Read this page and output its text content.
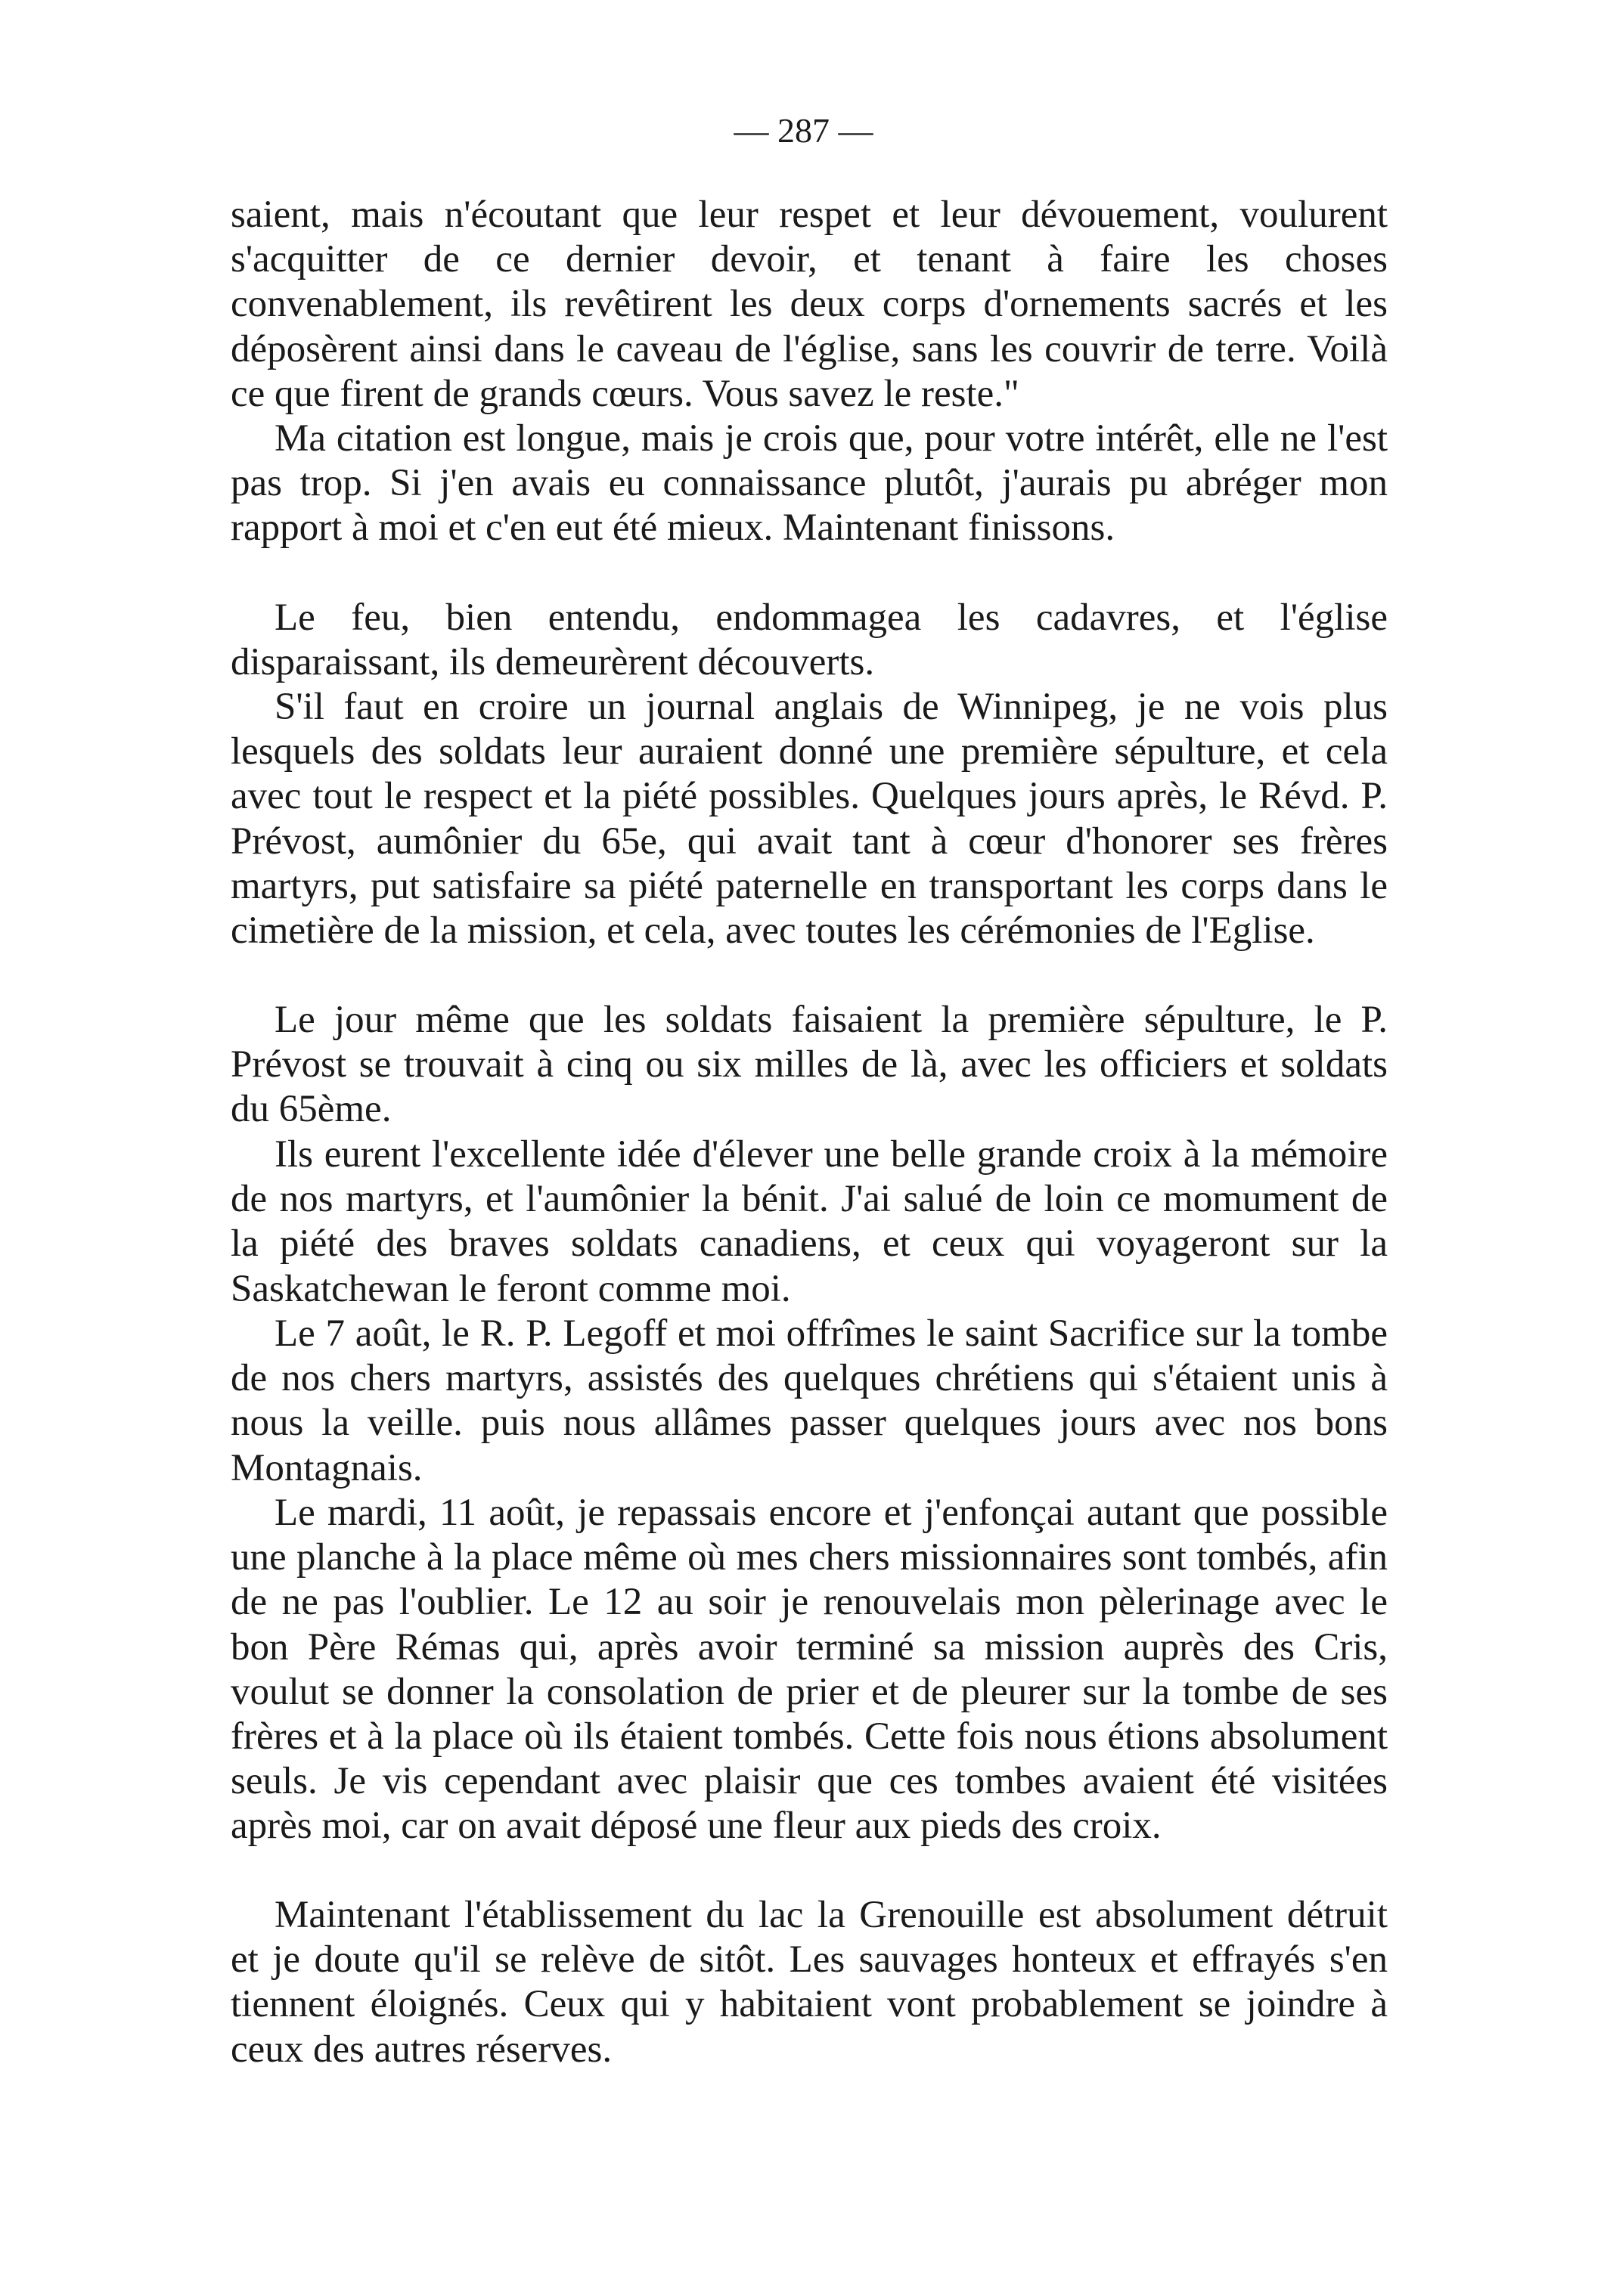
— 287 —

saient, mais n'écoutant que leur respet et leur dévouement, voulurent s'acquitter de ce dernier devoir, et tenant à faire les choses convenablement, ils revêtirent les deux corps d'ornements sacrés et les déposèrent ainsi dans le caveau de l'église, sans les couvrir de terre. Voilà ce que firent de grands cœurs. Vous savez le reste."

Ma citation est longue, mais je crois que, pour votre intérêt, elle ne l'est pas trop. Si j'en avais eu connaissance plutôt, j'aurais pu abréger mon rapport à moi et c'en eut été mieux. Maintenant finissons.

Le feu, bien entendu, endommagea les cadavres, et l'église disparaissant, ils demeurèrent découverts.

S'il faut en croire un journal anglais de Winnipeg, je ne vois plus lesquels des soldats leur auraient donné une première sépulture, et cela avec tout le respect et la piété possibles. Quelques jours après, le Révd. P. Prévost, aumônier du 65e, qui avait tant à cœur d'honorer ses frères martyrs, put satisfaire sa piété paternelle en transportant les corps dans le cimetière de la mission, et cela, avec toutes les cérémonies de l'Eglise.

Le jour même que les soldats faisaient la première sépulture, le P. Prévost se trouvait à cinq ou six milles de là, avec les officiers et soldats du 65ème.

Ils eurent l'excellente idée d'élever une belle grande croix à la mémoire de nos martyrs, et l'aumônier la bénit. J'ai salué de loin ce momument de la piété des braves soldats canadiens, et ceux qui voyageront sur la Saskatchewan le feront comme moi.

Le 7 août, le R. P. Legoff et moi offrîmes le saint Sacrifice sur la tombe de nos chers martyrs, assistés des quelques chrétiens qui s'étaient unis à nous la veille. puis nous allâmes passer quelques jours avec nos bons Montagnais.

Le mardi, 11 août, je repassais encore et j'enfonçai autant que possible une planche à la place même où mes chers missionnaires sont tombés, afin de ne pas l'oublier. Le 12 au soir je renouvelais mon pèlerinage avec le bon Père Rémas qui, après avoir terminé sa mission auprès des Cris, voulut se donner la consolation de prier et de pleurer sur la tombe de ses frères et à la place où ils étaient tombés. Cette fois nous étions absolument seuls. Je vis cependant avec plaisir que ces tombes avaient été visitées après moi, car on avait déposé une fleur aux pieds des croix.

Maintenant l'établissement du lac la Grenouille est absolument détruit et je doute qu'il se relève de sitôt. Les sauvages honteux et effrayés s'en tiennent éloignés. Ceux qui y habitaient vont probablement se joindre à ceux des autres réserves.
